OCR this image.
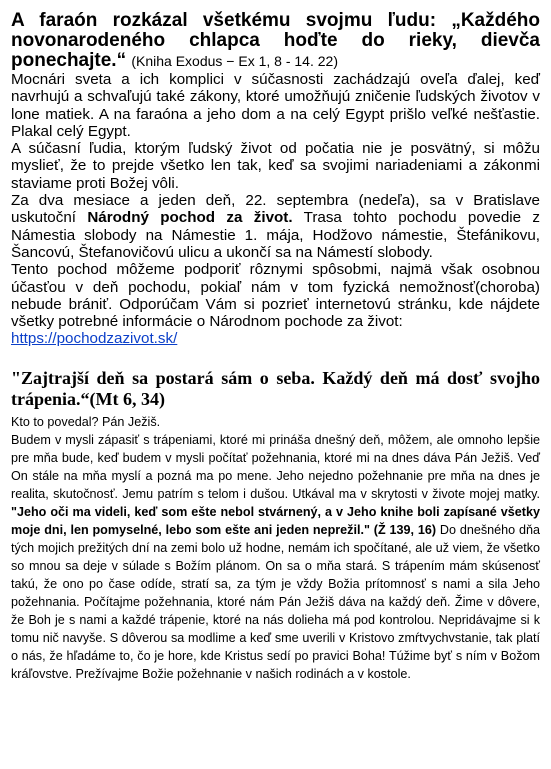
A faraón rozkázal všetkému svojmu ľudu: „Každého novonarodeného chlapca hoďte do rieky, dievča ponechajte.“ (Kniha Exodus − Ex 1, 8 - 14. 22)

Mocnári sveta a ich komplici v súčasnosti zachádzajú oveľa ďalej, keď navrhujú a schvaľujú také zákony, ktoré umožňujú zničenie ľudských životov v lone matiek. A na faraóna a jeho dom a na celý Egypt prišlo veľké nešťastie. Plakal celý Egypt.

A súčasní ľudia, ktorým ľudský život od počatia nie je posvätný, si môžu myslieť, že to prejde všetko len tak, keď sa svojimi nariadeniami a zákonmi staviame proti Božej vôli.

Za dva mesiace a jeden deň, 22. septembra (nedeľa), sa v Bratislave uskutoční Národný pochod za život. Trasa tohto pochodu povedie z Námestia slobody na Námestie 1. mája, Hodžovo námestie, Štefánikovu, Šancovú, Štefanovičovú ulicu a ukončí sa na Námestí slobody.

Tento pochod môžeme podporiť rôznymi spôsobmi, najmä však osobnou účasťou v deň pochodu, pokiaľ nám v tom fyzická nemožnosť(choroba) nebude brániť. Odporúčam Vám si pozrieť internetovú stránku, kde nájdete všetky potrebné informácie o Národnom pochode za život:

https://pochodzazivot.sk/

"Zajtrajší deň sa postará sám o seba. Každý deň má dosť svojho trápenia.“(Mt 6, 34)

Kto to povedal? Pán Ježiš.

Budem v mysli zápasiť s trápeniami, ktoré mi prináša dnešný deň, môžem, ale omnoho lepšie pre mňa bude, keď budem v mysli počítať požehnania, ktoré mi na dnes dáva Pán Ježiš. Veď On stále na mňa myslí a pozná ma po mene. Jeho nejedno požehnanie pre mňa na dnes je realita, skutočnosť. Jemu patrím s telom i dušou. Utkával ma v skrytosti v živote mojej matky. "Jeho oči ma videli, keď som ešte nebol stvárnený, a v Jeho knihe boli zapísané všetky moje dni, len pomyselné, lebo som ešte ani jeden neprežil." (Ž 139, 16) Do dnešného dňa tých mojich prežitých dní na zemi bolo už hodne, nemám ich spočítané, ale už viem, že všetko so mnou sa deje v súlade s Božím plánom. On sa o mňa stará. S trápením mám skúsenosť takú, že ono po čase odíde, stratí sa, za tým je vždy Božia prítomnosť s nami a sila Jeho požehnania. Počítajme požehnania, ktoré nám Pán Ježiš dáva na každý deň. Žime v dôvere, že Boh je s nami a každé trápenie, ktoré na nás dolieha má pod kontrolou. Nepridávajme si k tomu nič navyše. S dôverou sa modlime a keď sme uverili v Kristovo zmŕtvychvstanie, tak platí o nás, že hľadáme to, čo je hore, kde Kristus sedí po pravici Boha! Túžime byť s ním v Božom kráľovstve. Prežívajme Božie požehnanie v našich rodinách a v kostole.
